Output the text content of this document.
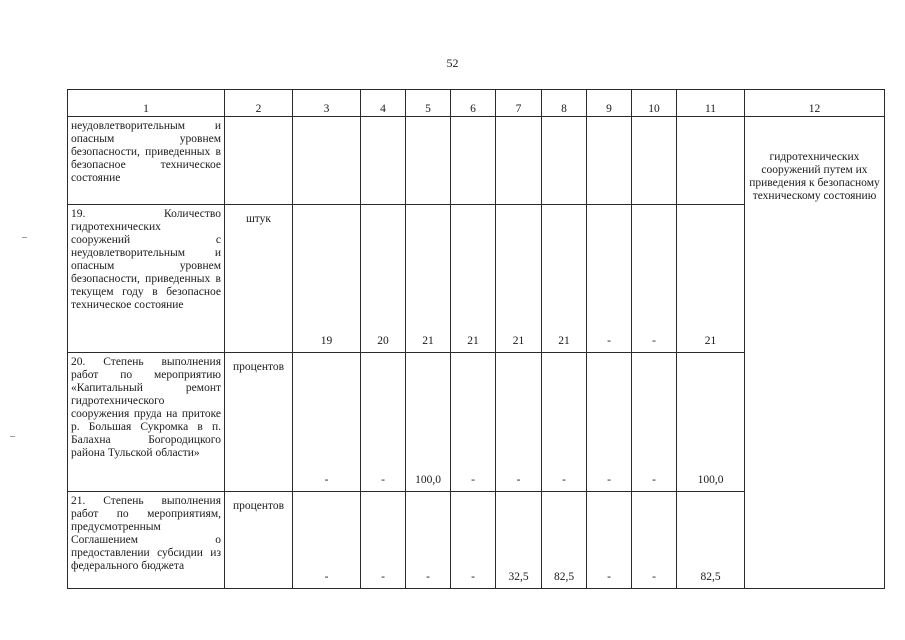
52
1	2	3	4	5	6	7	8	9	10	11	12
неудовлетворительным и опасным уровнем безопасности, приведенных в безопасное техническое состояние											гидротехнических сооружений путем их приведения к безопасному техническому состоянию
19. Количество гидротехнических сооружений с неудовлетворительным и опасным уровнем безопасности, приведенных в текущем году в безопасное техническое состояние	штук	19	20	21	21	21	21	-	-	21	
20. Степень выполнения работ по мероприятию «Капитальный ремонт гидротехнического сооружения пруда на притоке р. Большая Сукромка в п. Балахна Богородицкого района Тульской области»	процентов	-	-	100,0	-	-	-	-	-	100,0	
21. Степень выполнения работ по мероприятиям, предусмотренным Соглашением о предоставлении субсидии из федерального бюджета	процентов	-	-	-	-	32,5	82,5	-	-	82,5	
